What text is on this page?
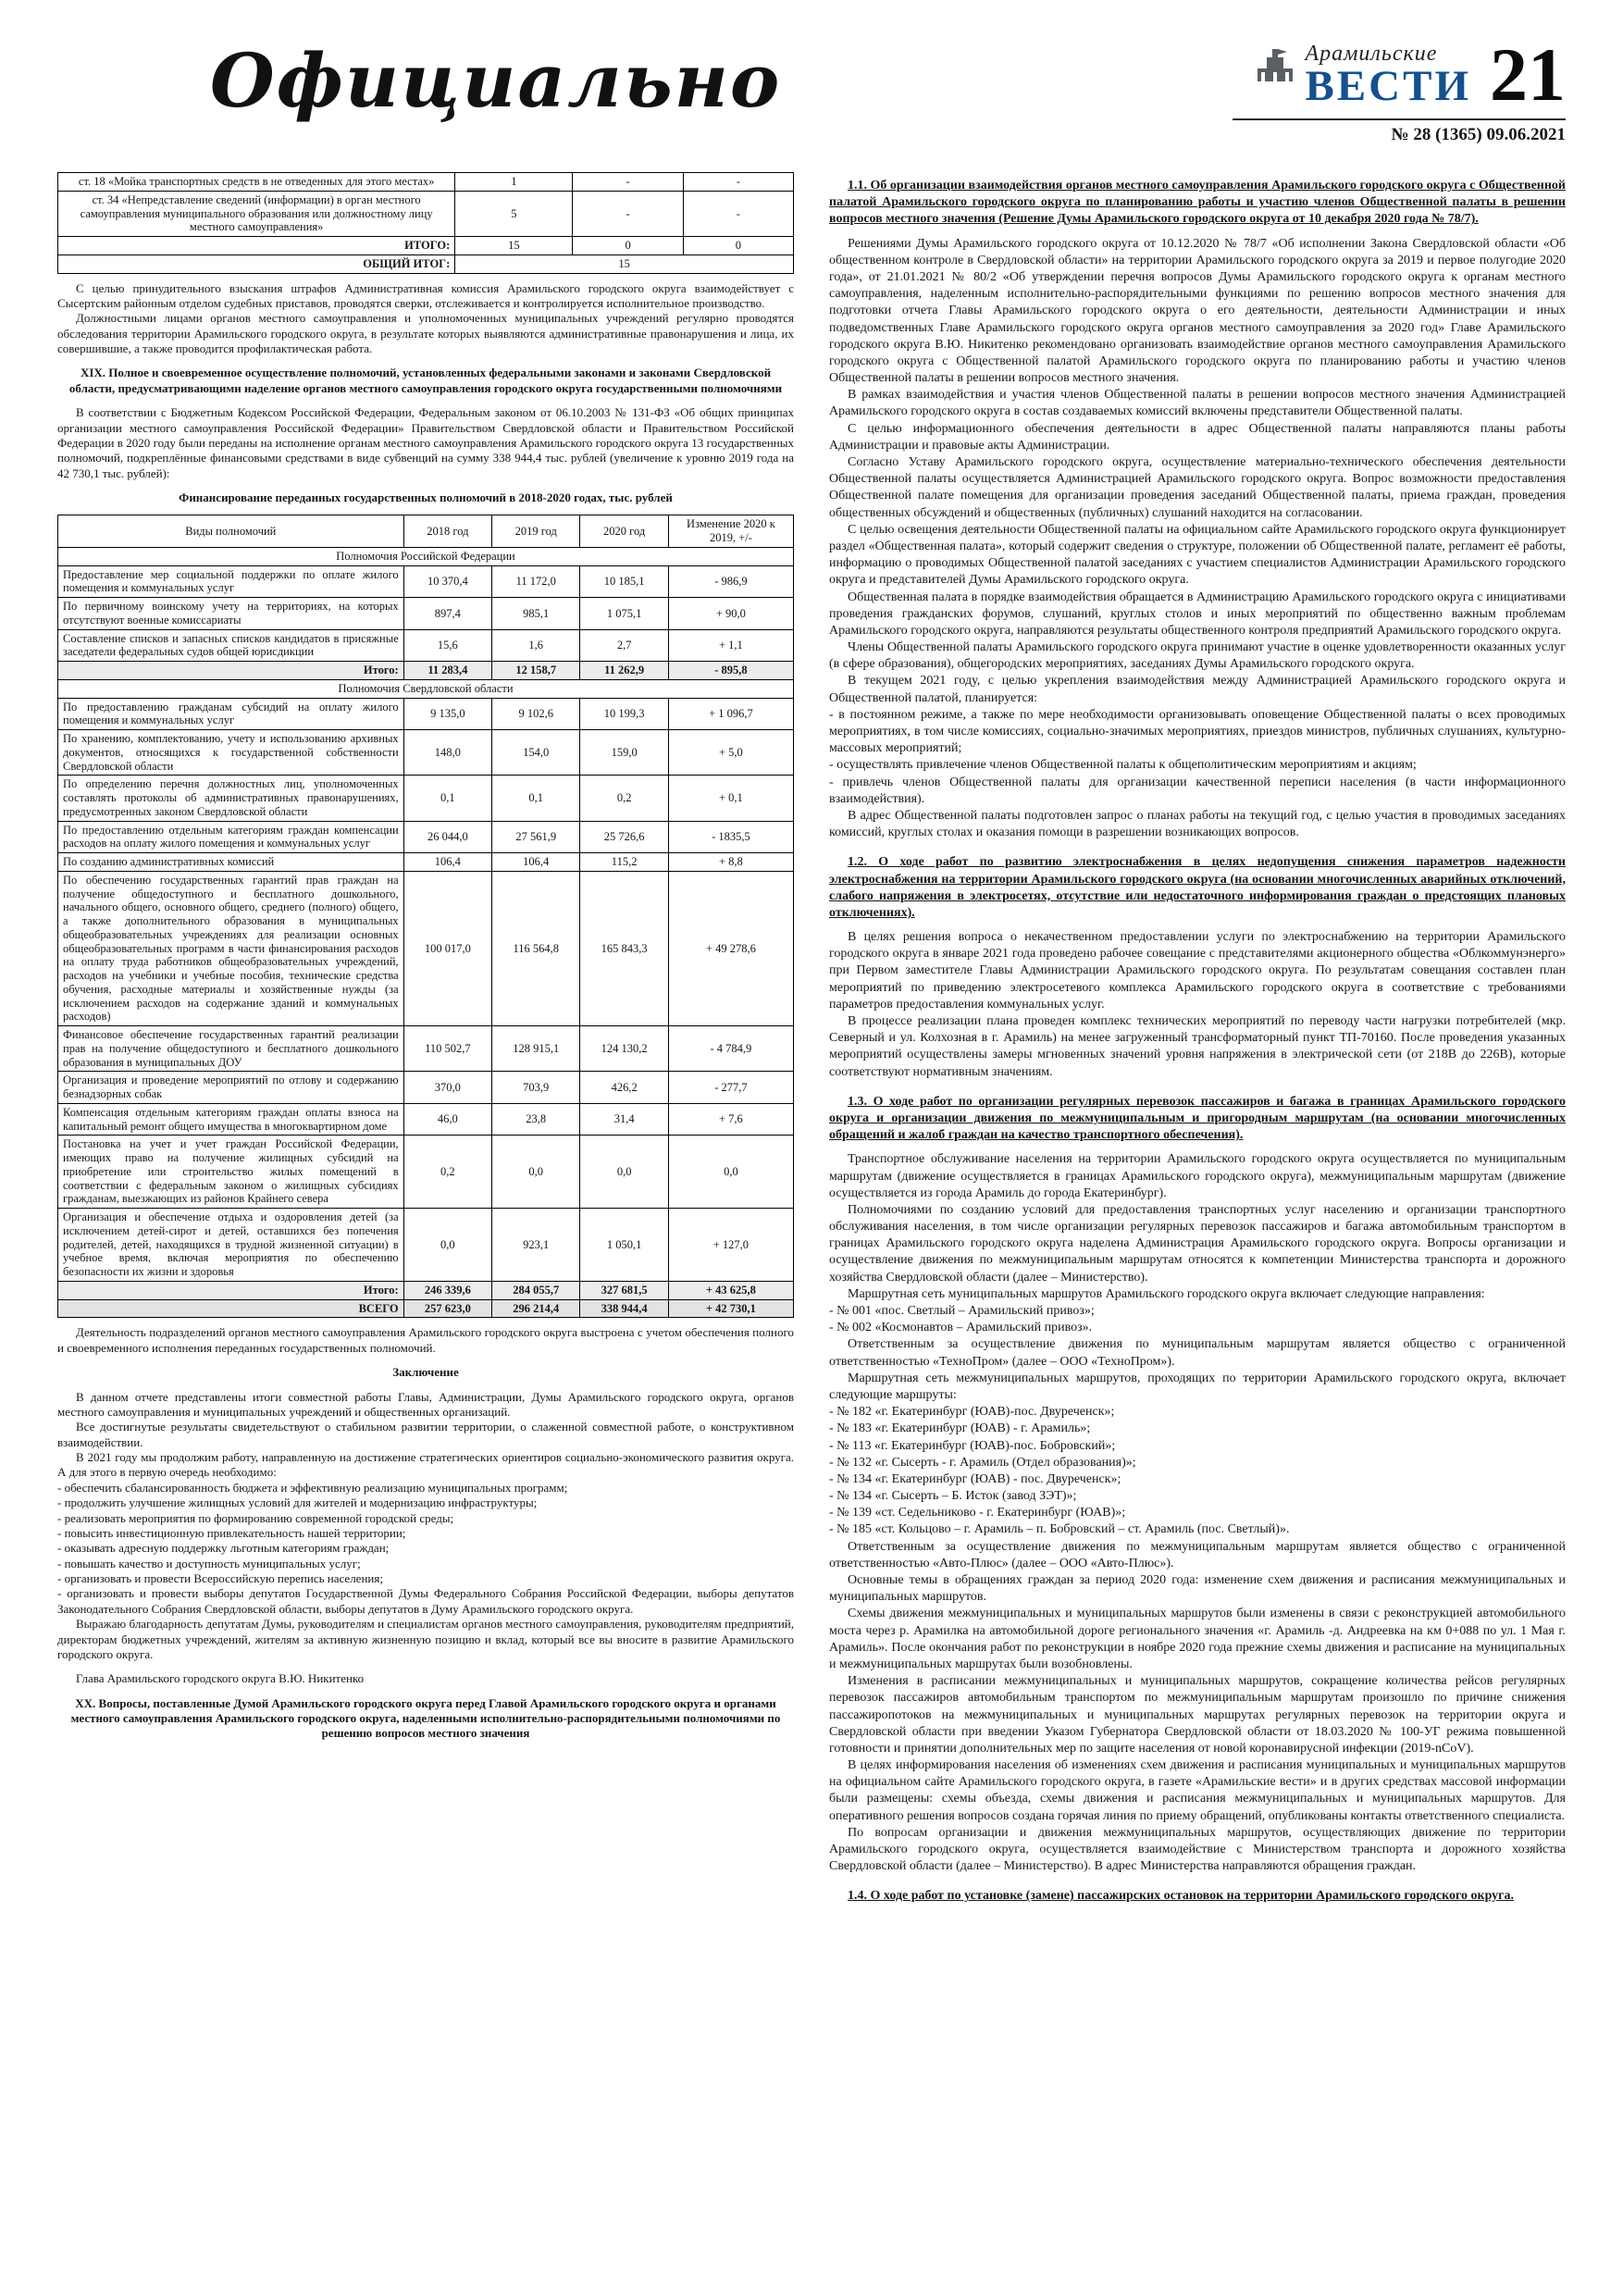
Официально	Арамильские
ВЕСТИ 21
№ 28 (1365) 09.06.2021
ст. 18 «Мойка транспортных средств в не отведенных для этого местах»	1	-	-
ст. 34 «Непредставление сведений (информации) в орган местного самоуправления муниципального образования или должностному лицу местного самоуправления»	5	-	-
ИТОГО:	15	0	0
ОБЩИЙ ИТОГ:	15		

С целью принудительного взыскания штрафов Административная комиссия Арамильского городского округа взаимодействует с Сысертским районным отделом судебных приставов, проводятся сверки, отслеживается и контролируется исполнительное производство.

Должностными лицами органов местного самоуправления и уполномоченных муниципальных учреждений регулярно проводятся обследования территории Арамильского городского округа, в результате которых выявляются административные правонарушения и лица, их совершившие, а также проводится профилактическая работа.

XIX. Полное и своевременное осуществление полномочий, установленных федеральными законами и законами Свердловской области, предусматривающими наделение органов местного самоуправления городского округа государственными полномочиями

В соответствии с Бюджетным Кодексом Российской Федерации, Федеральным законом от 06.10.2003 № 131-ФЗ «Об общих принципах организации местного самоуправления Российской Федерации» Правительством Свердловской области и Правительством Российской Федерации в 2020 году были переданы на исполнение органам местного самоуправления Арамильского городского округа 13 государственных полномочий, подкреплённые финансовыми средствами в виде субвенций на сумму 338 944,4 тыс. рублей (увеличение к уровню 2019 года на 42 730,1 тыс. рублей):

Финансирование переданных государственных полномочий в 2018-2020 годах, тыс. рублей

Виды полномочий	2018 год	2019 год	2020 год	Изменение 2020 к 2019, +/-
Полномочия Российской Федерации				
Предоставление мер социальной поддержки по оплате жилого помещения и коммунальных услуг	10 370,4	11 172,0	10 185,1	- 986,9
По первичному воинскому учету на территориях, на которых отсутствуют военные комиссариаты	897,4	985,1	1 075,1	+ 90,0
Составление списков и запасных списков кандидатов в присяжные заседатели федеральных судов общей юрисдикции	15,6	1,6	2,7	+ 1,1
Итого:	11 283,4	12 158,7	11 262,9	- 895,8
Полномочия Свердловской области				
По предоставлению гражданам субсидий на оплату жилого помещения и коммунальных услуг	9 135,0	9 102,6	10 199,3	+ 1 096,7
По хранению, комплектованию, учету и использованию архивных документов, относящихся к государственной собственности Свердловской области	148,0	154,0	159,0	+ 5,0
По определению перечня должностных лиц, уполномоченных составлять протоколы об административных правонарушениях, предусмотренных законом Свердловской области	0,1	0,1	0,2	+ 0,1
По предоставлению отдельным категориям граждан компенсации расходов на оплату жилого помещения и коммунальных услуг	26 044,0	27 561,9	25 726,6	- 1835,5
По созданию административных комиссий	106,4	106,4	115,2	+ 8,8
По обеспечению государственных гарантий прав граждан на получение общедоступного и бесплатного дошкольного, начального общего, основного общего, среднего (полного) общего, а также дополнительного образования в муниципальных общеобразовательных учреждениях для реализации основных общеобразовательных программ в части финансирования расходов на оплату труда работников общеобразовательных учреждений, расходов на учебники и учебные пособия, технические средства обучения, расходные материалы и хозяйственные нужды (за исключением расходов на содержание зданий и коммунальных расходов)	100 017,0	116 564,8	165 843,3	+ 49 278,6
Финансовое обеспечение государственных гарантий реализации прав на получение общедоступного и бесплатного дошкольного образования в муниципальных ДОУ	110 502,7	128 915,1	124 130,2	- 4 784,9
Организация и проведение мероприятий по отлову и содержанию безнадзорных собак	370,0	703,9	426,2	- 277,7
Компенсация отдельным категориям граждан оплаты взноса на капитальный ремонт общего имущества в многоквартирном доме	46,0	23,8	31,4	+ 7,6
Постановка на учет и учет граждан Российской Федерации, имеющих право на получение жилищных субсидий на приобретение или строительство жилых помещений в соответствии с федеральным законом о жилищных субсидиях гражданам, выезжающих из районов Крайнего севера	0,2	0,0	0,0	0,0
Организация и обеспечение отдыха и оздоровления детей (за исключением детей-сирот и детей, оставшихся без попечения родителей, детей, находящихся в трудной жизненной ситуации) в учебное время, включая мероприятия по обеспечению безопасности их жизни и здоровья	0,0	923,1	1 050,1	+ 127,0
Итого:	246 339,6	284 055,7	327 681,5	+ 43 625,8
ВСЕГО	257 623,0	296 214,4	338 944,4	+ 42 730,1

Деятельность подразделений органов местного самоуправления Арамильского городского округа выстроена с учетом обеспечения полного и своевременного исполнения переданных государственных полномочий.

Заключение

В данном отчете представлены итоги совместной работы Главы, Администрации, Думы Арамильского городского округа, органов местного самоуправления и муниципальных учреждений и общественных организаций.

Все достигнутые результаты свидетельствуют о стабильном развитии территории, о слаженной совместной работе, о конструктивном взаимодействии.

В 2021 году мы продолжим работу, направленную на достижение стратегических ориентиров социально-экономического развития округа. А для этого в первую очередь необходимо:

- обеспечить сбалансированность бюджета и эффективную реализацию муниципальных программ;

- продолжить улучшение жилищных условий для жителей и модернизацию инфраструктуры;

- реализовать мероприятия по формированию современной городской среды;

- повысить инвестиционную привлекательность нашей территории;

- оказывать адресную поддержку льготным категориям граждан;

- повышать качество и доступность муниципальных услуг;

- организовать и провести Всероссийскую перепись населения;

- организовать и провести выборы депутатов Государственной Думы Федерального Собрания Российской Федерации, выборы депутатов Законодательного Собрания Свердловской области, выборы депутатов в Думу Арамильского городского округа.

Выражаю благодарность депутатам Думы, руководителям и специалистам органов местного самоуправления, руководителям предприятий, директорам бюджетных учреждений, жителям за активную жизненную позицию и вклад, который все вы вносите в развитие Арамильского городского округа.

Глава Арамильского городского округа В.Ю. Никитенко

XX. Вопросы, поставленные Думой Арамильского городского округа перед Главой Арамильского городского округа и органами местного самоуправления Арамильского городского округа, наделенными исполнительно-распорядительными полномочиями по решению вопросов местного значения

1.1. Об организации взаимодействия органов местного самоуправления Арамильского городского округа с Общественной палатой Арамильского городского округа по планированию работы и участию членов Общественной палаты в решении вопросов местного значения (Решение Думы Арамильского городского округа от 10 декабря 2020 года № 78/7).

Решениями Думы Арамильского городского округа от 10.12.2020 № 78/7 «Об исполнении Закона Свердловской области «Об общественном контроле в Свердловской области» на территории Арамильского городского округа за 2019 и первое полугодие 2020 года», от 21.01.2021 № 80/2 «Об утверждении перечня вопросов Думы Арамильского городского округа к органам местного самоуправления, наделенным исполнительно-распорядительными функциями по решению вопросов местного значения для подготовки отчета Главы Арамильского городского округа о его деятельности, деятельности Администрации и иных подведомственных Главе Арамильского городского округа органов местного самоуправления за 2020 год» Главе Арамильского городского округа В.Ю. Никитенко рекомендовано организовать взаимодействие органов местного самоуправления Арамильского городского округа с Общественной палатой Арамильского городского округа по планированию работы и участию членов Общественной палаты в решении вопросов местного значения.

В рамках взаимодействия и участия членов Общественной палаты в решении вопросов местного значения Администрацией Арамильского городского округа в состав создаваемых комиссий включены представители Общественной палаты.

С целью информационного обеспечения деятельности в адрес Общественной палаты направляются планы работы Администрации и правовые акты Администрации.

Согласно Уставу Арамильского городского округа, осуществление материально-технического обеспечения деятельности Общественной палаты осуществляется Администрацией Арамильского городского округа. Вопрос возможности предоставления Общественной палате помещения для организации проведения заседаний Общественной палаты, приема граждан, проведения общественных обсуждений и общественных (публичных) слушаний находится на согласовании.

С целью освещения деятельности Общественной палаты на официальном сайте Арамильского городского округа функционирует раздел «Общественная палата», который содержит сведения о структуре, положении об Общественной палате, регламент её работы, информацию о проводимых Общественной палатой заседаниях с участием специалистов Администрации Арамильского городского округа и представителей Думы Арамильского городского округа.

Общественная палата в порядке взаимодействия обращается в Администрацию Арамильского городского округа с инициативами проведения гражданских форумов, слушаний, круглых столов и иных мероприятий по общественно важным проблемам Арамильского городского округа, направляются результаты общественного контроля предприятий Арамильского городского округа.

Члены Общественной палаты Арамильского городского округа принимают участие в оценке удовлетворенности оказанных услуг (в сфере образования), общегородских мероприятиях, заседаниях Думы Арамильского городского округа.

В текущем 2021 году, с целью укрепления взаимодействия между Администрацией Арамильского городского округа и Общественной палатой, планируется:

- в постоянном режиме, а также по мере необходимости организовывать оповещение Общественной палаты о всех проводимых мероприятиях, в том числе комиссиях, социально-значимых мероприятиях, приездов министров, публичных слушаниях, культурно-массовых мероприятий;

- осуществлять привлечение членов Общественной палаты к общеполитическим мероприятиям и акциям;

- привлечь членов Общественной палаты для организации качественной переписи населения (в части информационного взаимодействия).

В адрес Общественной палаты подготовлен запрос о планах работы на текущий год, с целью участия в проводимых заседаниях комиссий, круглых столах и оказания помощи в разрешении возникающих вопросов.

1.2. О ходе работ по развитию электроснабжения в целях недопущения снижения параметров надежности электроснабжения на территории Арамильского городского округа (на основании многочисленных аварийных отключений, слабого напряжения в электросетях, отсутствие или недостаточного информирования граждан о предстоящих плановых отключениях).

В целях решения вопроса о некачественном предоставлении услуги по электроснабжению на территории Арамильского городского округа в январе 2021 года проведено рабочее совещание с представителями акционерного общества «Облкоммунэнерго» при Первом заместителе Главы Администрации Арамильского городского округа. По результатам совещания составлен план мероприятий по приведению электросетевого комплекса Арамильского городского округа в соответствие с требованиями параметров предоставления коммунальных услуг.

В процессе реализации плана проведен комплекс технических мероприятий по переводу части нагрузки потребителей (мкр. Северный и ул. Колхозная в г. Арамиль) на менее загруженный трансформаторный пункт ТП-70160. После проведения указанных мероприятий осуществлены замеры мгновенных значений уровня напряжения в электрической сети (от 218В до 226В), которые соответствуют нормативным значениям.

1.3. О ходе работ по организации регулярных перевозок пассажиров и багажа в границах Арамильского городского округа и организации движения по межмуниципальным и пригородным маршрутам (на основании многочисленных обращений и жалоб граждан на качество транспортного обеспечения).

Транспортное обслуживание населения на территории Арамильского городского округа осуществляется по муниципальным маршрутам (движение осуществляется в границах Арамильского городского округа), межмуниципальным маршрутам (движение осуществляется из города Арамиль до города Екатеринбург).

Полномочиями по созданию условий для предоставления транспортных услуг населению и организации транспортного обслуживания населения, в том числе организации регулярных перевозок пассажиров и багажа автомобильным транспортом в границах Арамильского городского округа наделена Администрация Арамильского городского округа. Вопросы организации и осуществление движения по межмуниципальным маршрутам относятся к компетенции Министерства транспорта и дорожного хозяйства Свердловской области (далее – Министерство).

Маршрутная сеть муниципальных маршрутов Арамильского городского округа включает следующие направления:

- № 001 «пос. Светлый – Арамильский привоз»;

- № 002 «Космонавтов – Арамильский привоз».

Ответственным за осуществление движения по муниципальным маршрутам является общество с ограниченной ответственностью «ТехноПром» (далее – ООО «ТехноПром»).

Маршрутная сеть межмуниципальных маршрутов, проходящих по территории Арамильского городского округа, включает следующие маршруты:

- № 182 «г. Екатеринбург (ЮАВ)-пос. Двуреченск»;

- № 183 «г. Екатеринбург (ЮАВ) - г. Арамиль»;

- № 113 «г. Екатеринбург (ЮАВ)-пос. Бобровский»;

- № 132 «г. Сысерть - г. Арамиль (Отдел образования)»;

- № 134 «г. Екатеринбург (ЮАВ) - пос. Двуреченск»;

- № 134 «г. Сысерть – Б. Исток (завод ЗЭТ)»;

- № 139 «ст. Седельниково - г. Екатеринбург (ЮАВ)»;

- № 185 «ст. Кольцово – г. Арамиль – п. Бобровский – ст. Арамиль (пос. Светлый)».

Ответственным за осуществление движения по межмуниципальным маршрутам является общество с ограниченной ответственностью «Авто-Плюс» (далее – ООО «Авто-Плюс»).

Основные темы в обращениях граждан за период 2020 года: изменение схем движения и расписания межмуниципальных и муниципальных маршрутов.

Схемы движения межмуниципальных и муниципальных маршрутов были изменены в связи с реконструкцией автомобильного моста через р. Арамилка на автомобильной дороге регионального значения «г. Арамиль -д. Андреевка на км 0+088 по ул. 1 Мая г. Арамиль». После окончания работ по реконструкции в ноябре 2020 года прежние схемы движения и расписание на муниципальных и межмуниципальных маршрутах были возобновлены.

Изменения в расписании межмуниципальных и муниципальных маршрутов, сокращение количества рейсов регулярных перевозок пассажиров автомобильным транспортом по межмуниципальным маршрутам произошло по причине снижения пассажиропотоков на межмуниципальных и муниципальных маршрутах регулярных перевозок на территории округа и Свердловской области при введении Указом Губернатора Свердловской области от 18.03.2020 № 100-УГ режима повышенной готовности и принятии дополнительных мер по защите населения от новой коронавирусной инфекции (2019-nCoV).

В целях информирования населения об изменениях схем движения и расписания муниципальных и муниципальных маршрутов на официальном сайте Арамильского городского округа, в газете «Арамильские вести» и в других средствах массовой информации были размещены: схемы объезда, схемы движения и расписания межмуниципальных и муниципальных маршрутов. Для оперативного решения вопросов создана горячая линия по приему обращений, опубликованы контакты ответственного специалиста.

По вопросам организации и движения межмуниципальных маршрутов, осуществляющих движение по территории Арамильского городского округа, осуществляется взаимодействие с Министерством транспорта и дорожного хозяйства Свердловской области (далее – Министерство). В адрес Министерства направляются обращения граждан.

1.4. О ходе работ по установке (замене) пассажирских остановок на территории Арамильского городского округа.
